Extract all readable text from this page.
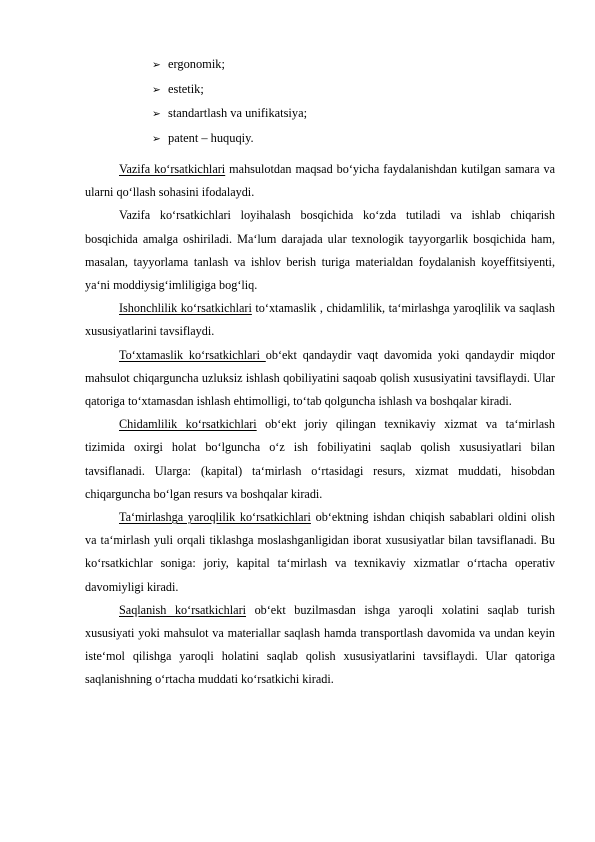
➢ ergonomik;
➢ estetik;
➢ standartlash va unifikatsiya;
➢ patent – huquqiy.

Vazifa ko‘rsatkichlari mahsulotdan maqsad bo‘yicha faydalanishdan kutilgan samara va ularni qo‘llash sohasini ifodalaydi.

Vazifa ko‘rsatkichlari loyihalash bosqichida ko‘zda tutiladi va ishlab chiqarish bosqichida amalga oshiriladi. Ma‘lum darajada ular texnologik tayyorgarlik bosqichida ham, masalan, tayyorlama tanlash va ishlov berish turiga materialdan foydalanish koyeffitsiyenti, ya‘ni moddiysig‘imliligiga bog‘liq.

Ishonchlilik ko‘rsatkichlari to‘xtamaslik , chidamlilik, ta‘mirlashga yaroqlilik va saqlash xususiyatlarini tavsiflaydi.

To‘xtamaslik ko‘rsatkichlari ob‘ekt qandaydir vaqt davomida yoki qandaydir miqdor mahsulot chiqarguncha uzluksiz ishlash qobiliyatini saqoab qolish xususiyatini tavsiflaydi. Ular qatoriga to‘xtamasdan ishlash ehtimolligi, to‘tab qolguncha ishlash va boshqalar kiradi.

Chidamlilik ko‘rsatkichlari ob‘ekt joriy qilingan texnikaviy xizmat va ta‘mirlash tizimida oxirgi holat bo‘lguncha o‘z ish fobiliyatini saqlab qolish xususiyatlari bilan tavsiflanadi. Ularga: (kapital) ta‘mirlash o‘rtasidagi resurs, xizmat muddati, hisobdan chiqarguncha bo‘lgan resurs va boshqalar kiradi.

Ta‘mirlashga yaroqlilik ko‘rsatkichlari ob‘ektning ishdan chiqish sabablari oldini olish va ta‘mirlash yuli orqali tiklashga moslashganligidan iborat xususiyatlar bilan tavsiflanadi. Bu ko‘rsatkichlar soniga: joriy, kapital ta‘mirlash va texnikaviy xizmatlar o‘rtacha operativ davomiyligi kiradi.

Saqlanish ko‘rsatkichlari ob‘ekt buzilmasdan ishga yaroqli xolatini saqlab turish xususiyati yoki mahsulot va materiallar saqlash hamda transportlash davomida va undan keyin iste‘mol qilishga yaroqli holatini saqlab qolish xususiyatlarini tavsiflaydi. Ular qatoriga saqlanishning o‘rtacha muddati ko‘rsatkichi kiradi.
